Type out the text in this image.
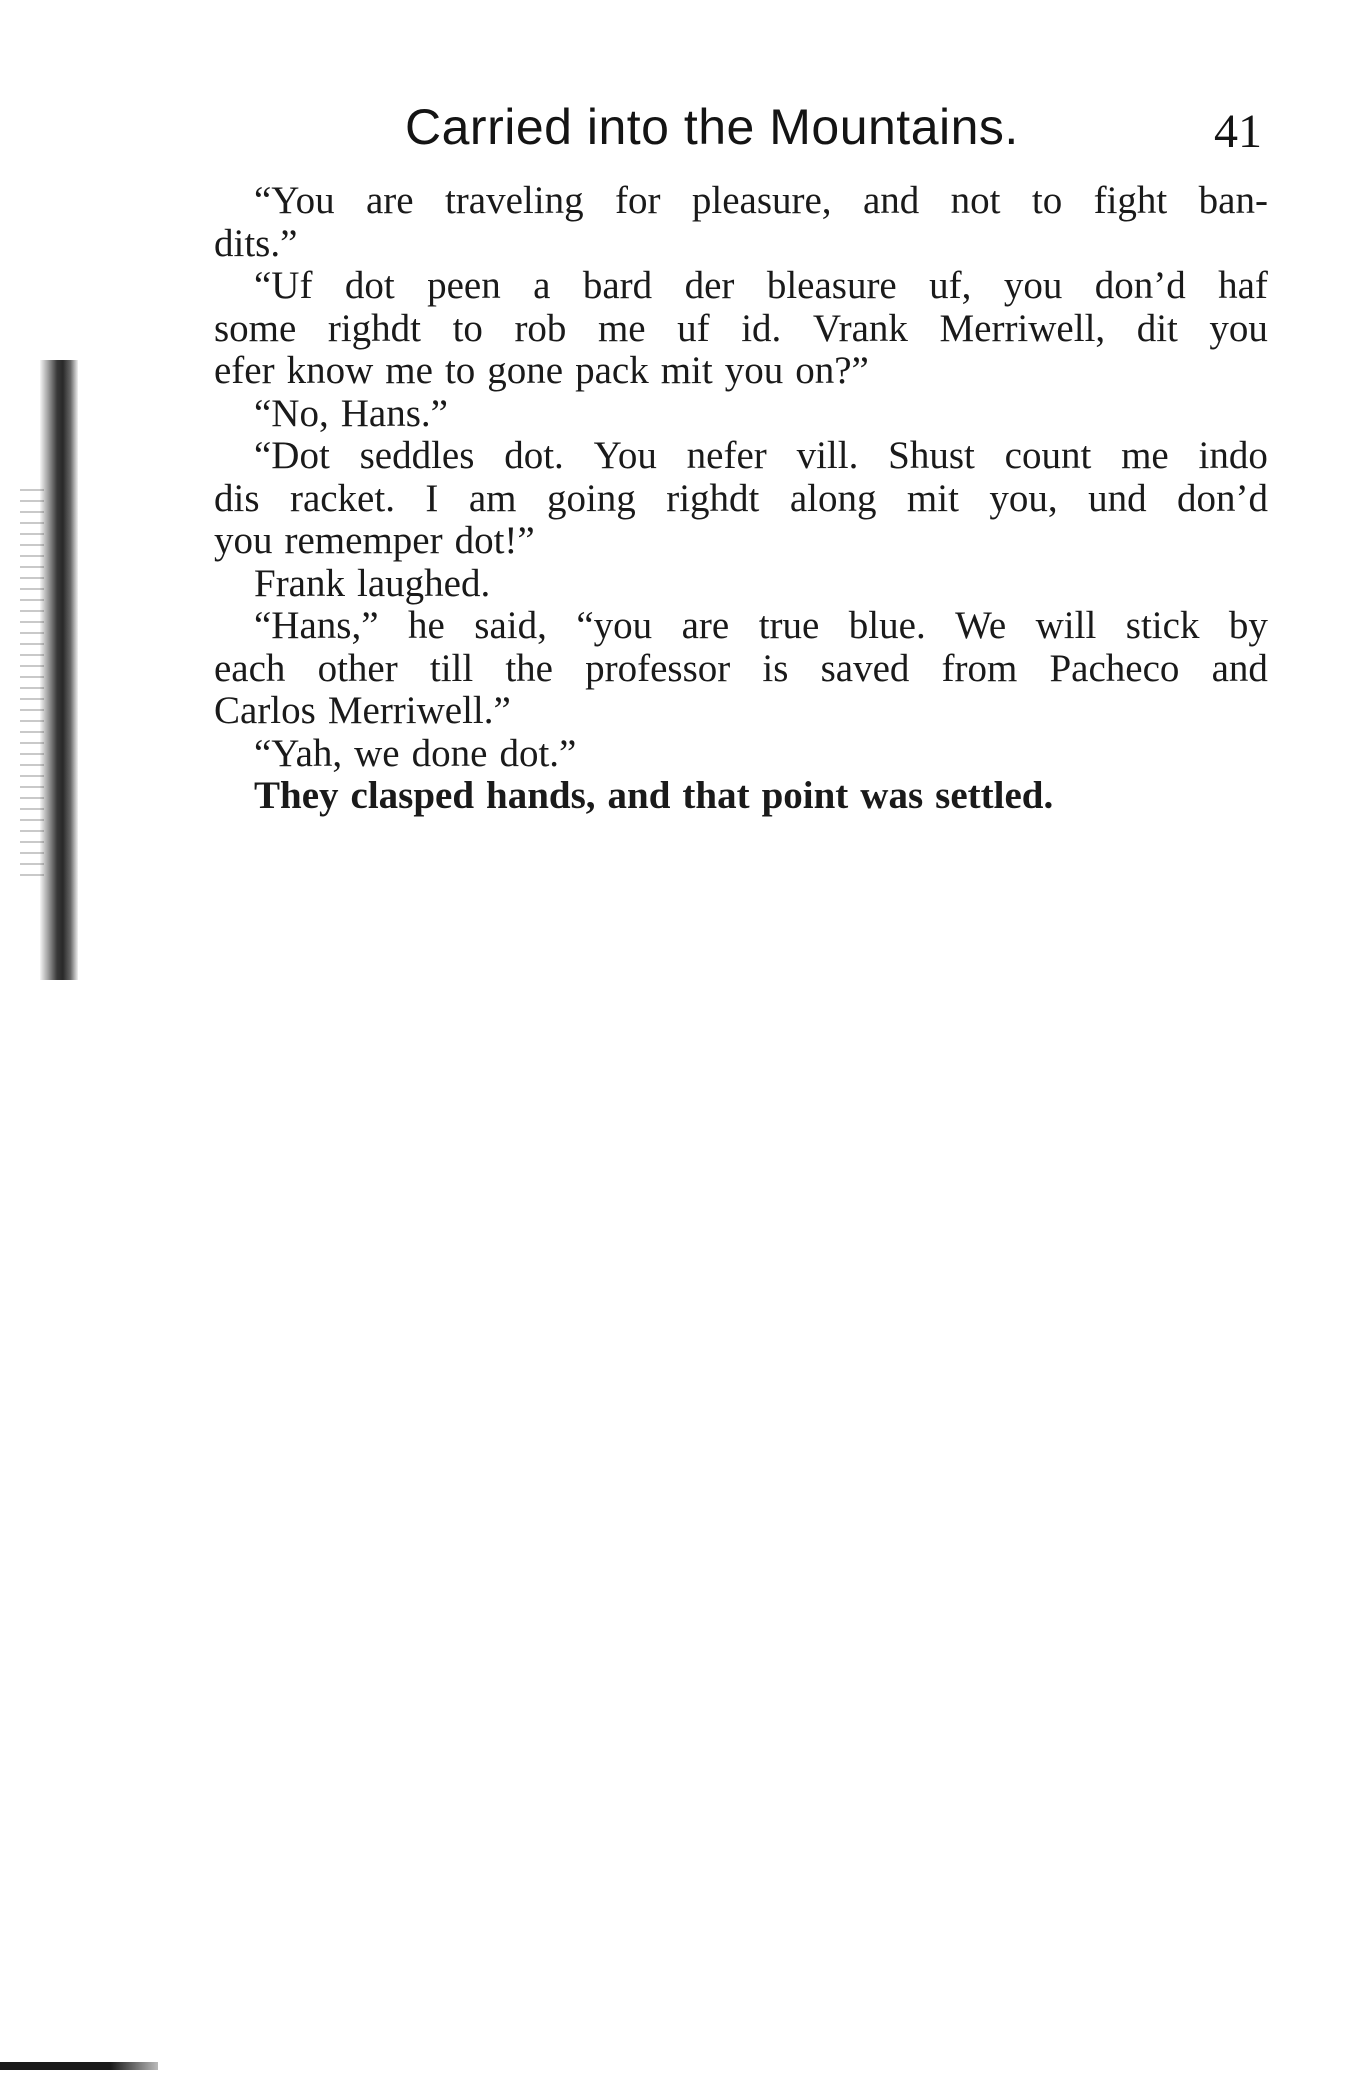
Carried into the Mountains.	41
“You are traveling for pleasure, and not to fight ban-
dits.”
“Uf dot peen a bard der bleasure uf, you don’d haf
some righdt to rob me uf id. Vrank Merriwell, dit you
efer know me to gone pack mit you on?”
“No, Hans.”
“Dot seddles dot. You nefer vill. Shust count me indo
dis racket. I am going righdt along mit you, und don’d
you rememper dot!”
Frank laughed.
“Hans,” he said, “you are true blue. We will stick by
each other till the professor is saved from Pacheco and
Carlos Merriwell.”
“Yah, we done dot.”
They clasped hands, and that point was settled.
